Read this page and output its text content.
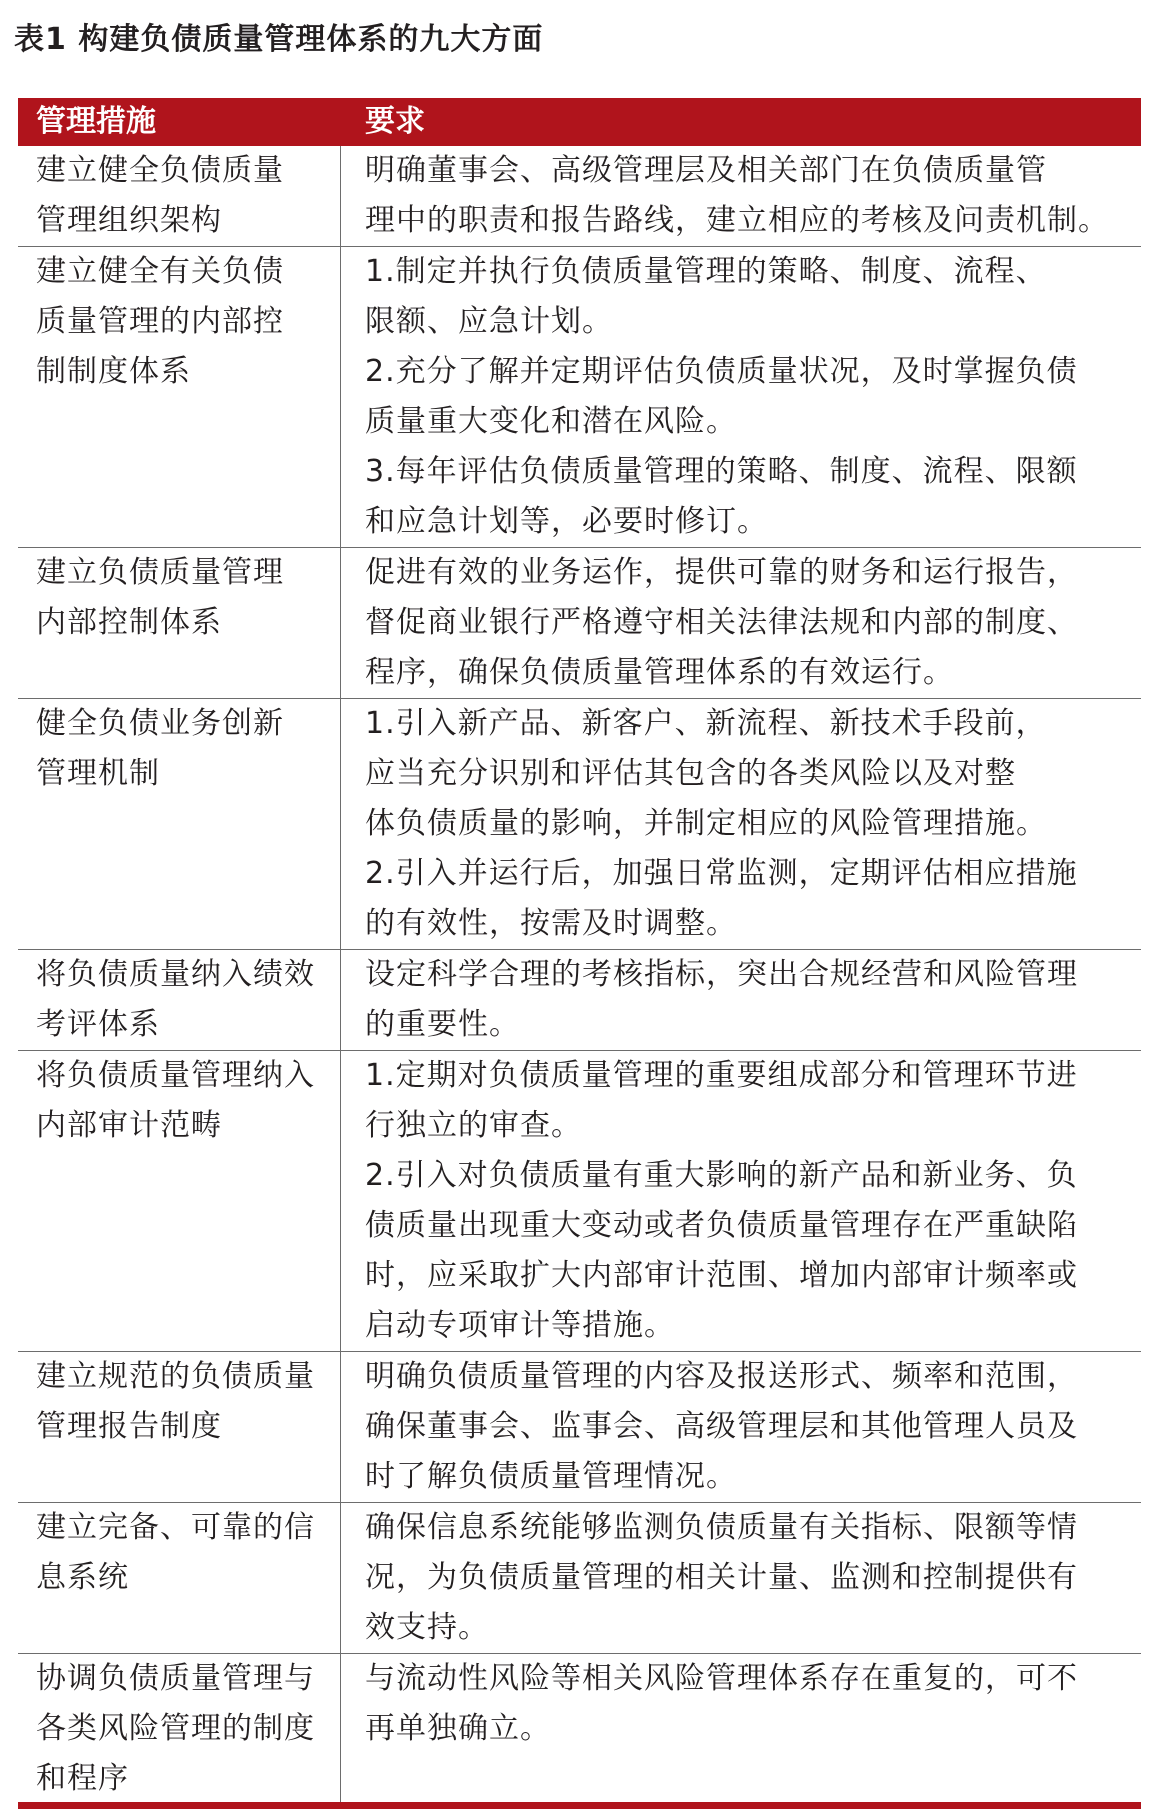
表1 构建负债质量管理体系的九大方面
管理措施	要求
建立健全负债质量
管理组织架构
明确董事会、高级管理层及相关部门在负债质量管
理中的职责和报告路线，建立相应的考核及问责机制。
建立健全有关负债
质量管理的内部控
制制度体系
1.制定并执行负债质量管理的策略、制度、流程、
限额、应急计划。
2.充分了解并定期评估负债质量状况，及时掌握负债
质量重大变化和潜在风险。
3.每年评估负债质量管理的策略、制度、流程、限额
和应急计划等，必要时修订。
建立负债质量管理
内部控制体系
促进有效的业务运作，提供可靠的财务和运行报告，
督促商业银行严格遵守相关法律法规和内部的制度、
程序，确保负债质量管理体系的有效运行。
健全负债业务创新
管理机制
1.引入新产品、新客户、新流程、新技术手段前，
应当充分识别和评估其包含的各类风险以及对整
体负债质量的影响，并制定相应的风险管理措施。
2.引入并运行后，加强日常监测，定期评估相应措施
的有效性，按需及时调整。
将负债质量纳入绩效
考评体系
设定科学合理的考核指标，突出合规经营和风险管理
的重要性。
将负债质量管理纳入
内部审计范畴
1.定期对负债质量管理的重要组成部分和管理环节进
行独立的审查。
2.引入对负债质量有重大影响的新产品和新业务、负
债质量出现重大变动或者负债质量管理存在严重缺陷
时，应采取扩大内部审计范围、增加内部审计频率或
启动专项审计等措施。
建立规范的负债质量
管理报告制度
明确负债质量管理的内容及报送形式、频率和范围，
确保董事会、监事会、高级管理层和其他管理人员及
时了解负债质量管理情况。
建立完备、可靠的信
息系统
确保信息系统能够监测负债质量有关指标、限额等情
况，为负债质量管理的相关计量、监测和控制提供有
效支持。
协调负债质量管理与
各类风险管理的制度
和程序
与流动性风险等相关风险管理体系存在重复的，可不
再单独确立。
